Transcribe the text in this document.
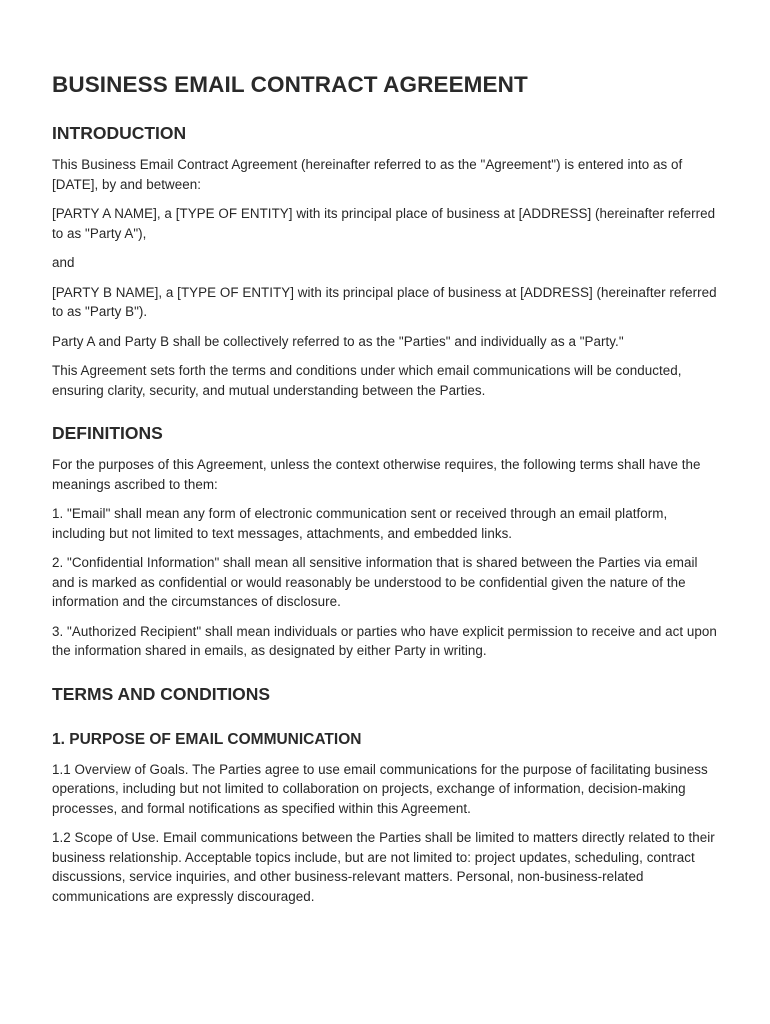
BUSINESS EMAIL CONTRACT AGREEMENT
INTRODUCTION

This Business Email Contract Agreement (hereinafter referred to as the "Agreement") is entered into as of [DATE], by and between:

[PARTY A NAME], a [TYPE OF ENTITY] with its principal place of business at [ADDRESS] (hereinafter referred to as "Party A"),

and

[PARTY B NAME], a [TYPE OF ENTITY] with its principal place of business at [ADDRESS] (hereinafter referred to as "Party B").

Party A and Party B shall be collectively referred to as the "Parties" and individually as a "Party."

This Agreement sets forth the terms and conditions under which email communications will be conducted, ensuring clarity, security, and mutual understanding between the Parties.

DEFINITIONS

For the purposes of this Agreement, unless the context otherwise requires, the following terms shall have the meanings ascribed to them:

1. "Email" shall mean any form of electronic communication sent or received through an email platform, including but not limited to text messages, attachments, and embedded links.

2. "Confidential Information" shall mean all sensitive information that is shared between the Parties via email and is marked as confidential or would reasonably be understood to be confidential given the nature of the information and the circumstances of disclosure.

3. "Authorized Recipient" shall mean individuals or parties who have explicit permission to receive and act upon the information shared in emails, as designated by either Party in writing.

TERMS AND CONDITIONS
1. PURPOSE OF EMAIL COMMUNICATION

1.1 Overview of Goals. The Parties agree to use email communications for the purpose of facilitating business operations, including but not limited to collaboration on projects, exchange of information, decision-making processes, and formal notifications as specified within this Agreement.

1.2 Scope of Use. Email communications between the Parties shall be limited to matters directly related to their business relationship. Acceptable topics include, but are not limited to: project updates, scheduling, contract discussions, service inquiries, and other business-relevant matters. Personal, non-business-related communications are expressly discouraged.
